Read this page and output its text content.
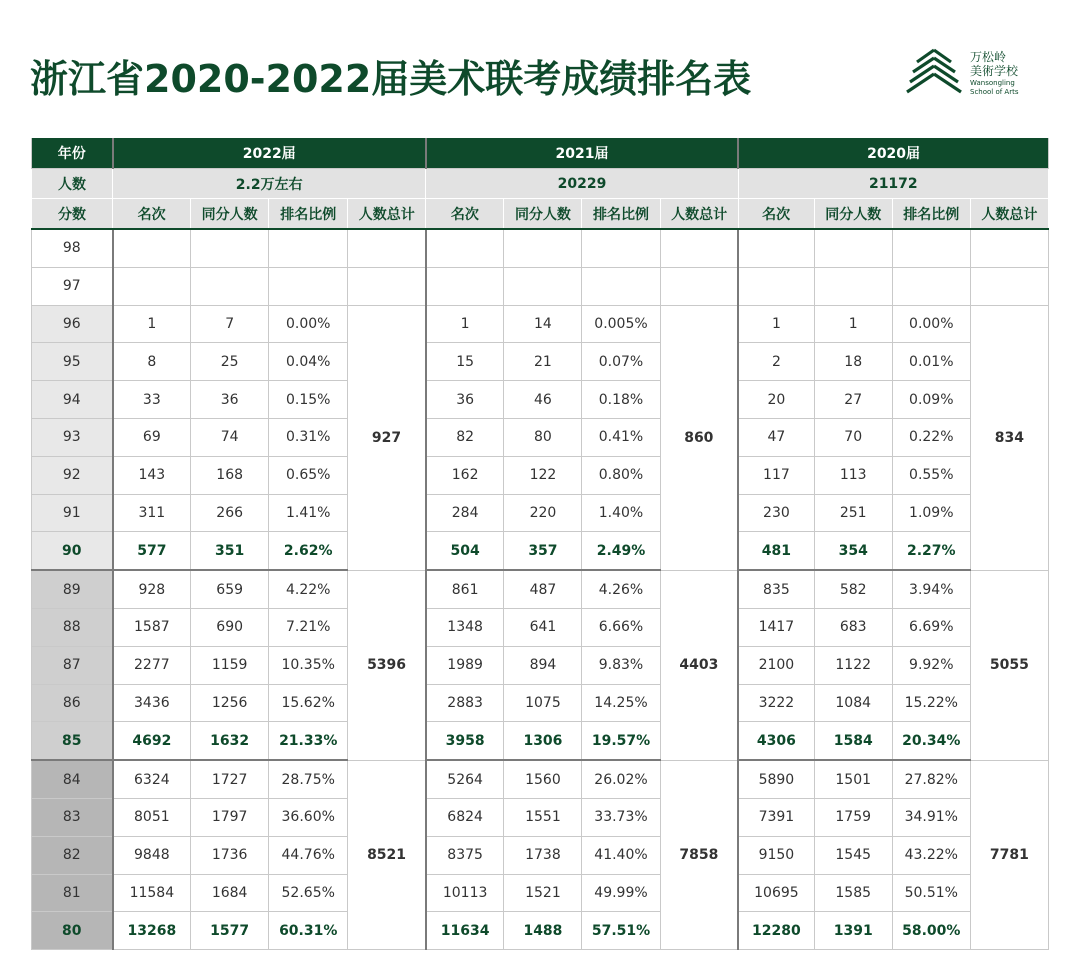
浙江省2020-2022届美术联考成绩排名表	万松岭
美術学校
Wansongling
School of Arts
年份	2022届				2021届				2020届			
人数	2.2万左右				20229				21172			
分数	名次	同分人数	排名比例	人数总计	名次	同分人数	排名比例	人数总计	名次	同分人数	排名比例	人数总计
98												
97												
96	1	7	0.00%	927	1	14	0.005%	860	1	1	0.00%	834
95	8	25	0.04%		15	21	0.07%		2	18	0.01%	
94	33	36	0.15%		36	46	0.18%		20	27	0.09%	
93	69	74	0.31%		82	80	0.41%		47	70	0.22%	
92	143	168	0.65%		162	122	0.80%		117	113	0.55%	
91	311	266	1.41%		284	220	1.40%		230	251	1.09%	
90	577	351	2.62%		504	357	2.49%		481	354	2.27%	
89	928	659	4.22%	5396	861	487	4.26%	4403	835	582	3.94%	5055
88	1587	690	7.21%		1348	641	6.66%		1417	683	6.69%	
87	2277	1159	10.35%		1989	894	9.83%		2100	1122	9.92%	
86	3436	1256	15.62%		2883	1075	14.25%		3222	1084	15.22%	
85	4692	1632	21.33%		3958	1306	19.57%		4306	1584	20.34%	
84	6324	1727	28.75%	8521	5264	1560	26.02%	7858	5890	1501	27.82%	7781
83	8051	1797	36.60%		6824	1551	33.73%		7391	1759	34.91%	
82	9848	1736	44.76%		8375	1738	41.40%		9150	1545	43.22%	
81	11584	1684	52.65%		10113	1521	49.99%		10695	1585	50.51%	
80	13268	1577	60.31%		11634	1488	57.51%		12280	1391	58.00%	
